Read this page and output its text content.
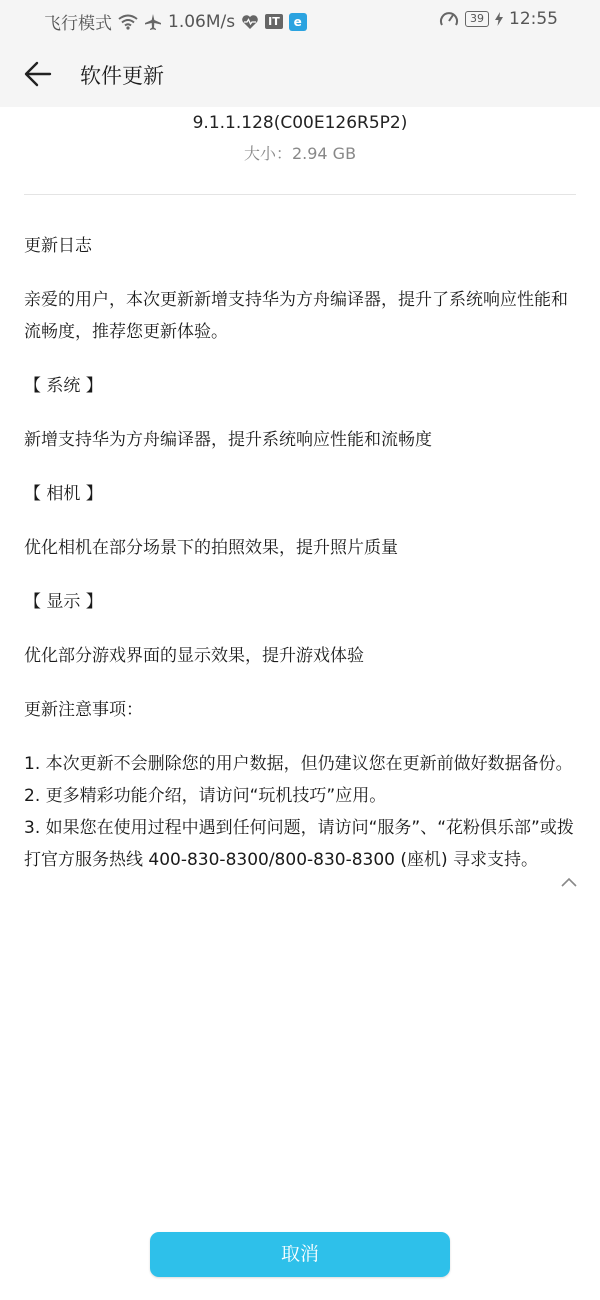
飞行模式	1.06M/s	IT	e	39 12:55
软件更新
9.1.1.128(C00E126R5P2)
大小：2.94 GB

更新日志

亲爱的用户，本次更新新增支持华为方舟编译器，提升了系统响应性能和流畅度，推荐您更新体验。

【 系统 】

新增支持华为方舟编译器，提升系统响应性能和流畅度

【 相机 】

优化相机在部分场景下的拍照效果，提升照片质量

【 显示 】

优化部分游戏界面的显示效果，提升游戏体验

更新注意事项：

1. 本次更新不会删除您的用户数据，但仍建议您在更新前做好数据备份。

2. 更多精彩功能介绍，请访问“玩机技巧”应用。

3. 如果您在使用过程中遇到任何问题，请访问“服务”、“花粉俱乐部”或拨打官方服务热线 400-830-8300/800-830-8300 (座机) 寻求支持。

取消
